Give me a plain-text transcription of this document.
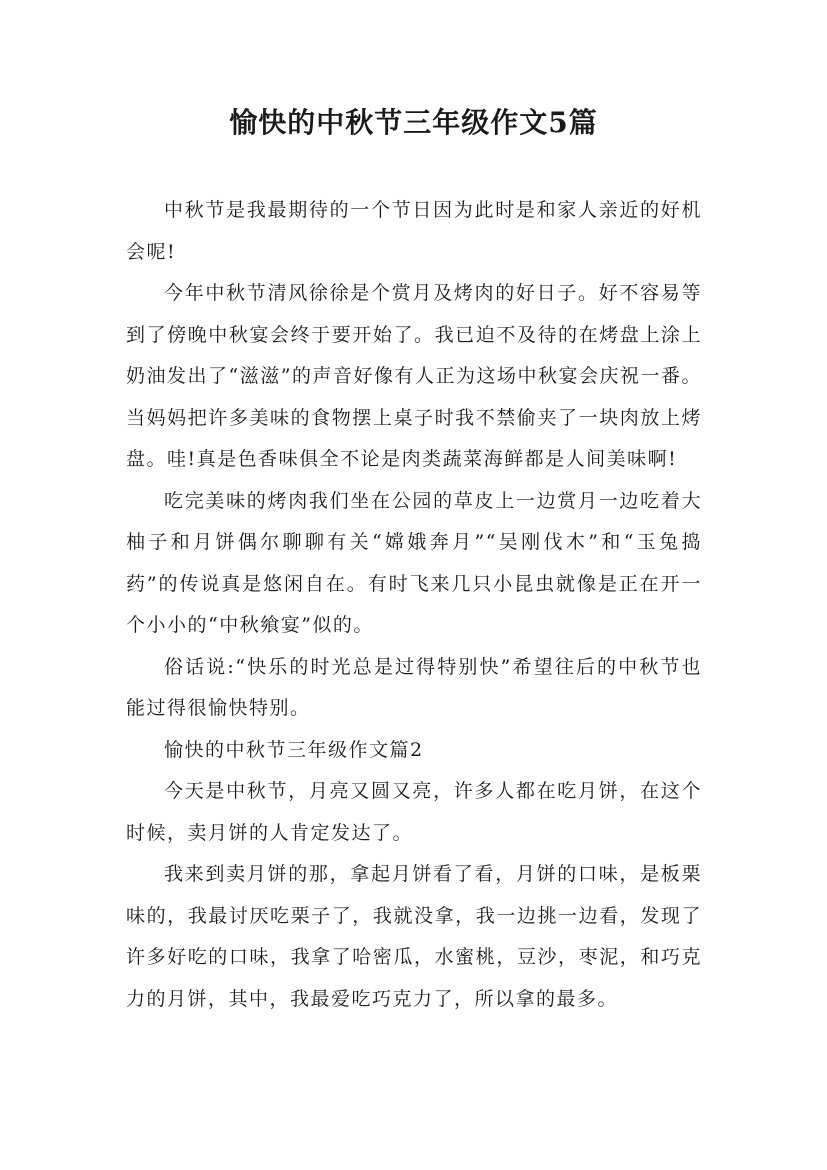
愉快的中秋节三年级作文5篇

中秋节是我最期待的一个节日因为此时是和家人亲近的好机会呢!

今年中秋节清风徐徐是个赏月及烤肉的好日子。好不容易等到了傍晚中秋宴会终于要开始了。我已迫不及待的在烤盘上涂上奶油发出了“滋滋”的声音好像有人正为这场中秋宴会庆祝一番。当妈妈把许多美味的食物摆上桌子时我不禁偷夹了一块肉放上烤盘。哇!真是色香味俱全不论是肉类蔬菜海鲜都是人间美味啊!

吃完美味的烤肉我们坐在公园的草皮上一边赏月一边吃着大柚子和月饼偶尔聊聊有关“嫦娥奔月”“吴刚伐木”和“玉兔捣药”的传说真是悠闲自在。有时飞来几只小昆虫就像是正在开一个小小的“中秋飨宴”似的。

俗话说:“快乐的时光总是过得特别快”希望往后的中秋节也能过得很愉快特别。

愉快的中秋节三年级作文篇2

今天是中秋节，月亮又圆又亮，许多人都在吃月饼，在这个时候，卖月饼的人肯定发达了。

我来到卖月饼的那，拿起月饼看了看，月饼的口味，是板栗味的，我最讨厌吃栗子了，我就没拿，我一边挑一边看，发现了许多好吃的口味，我拿了哈密瓜，水蜜桃，豆沙，枣泥，和巧克力的月饼，其中，我最爱吃巧克力了，所以拿的最多。
